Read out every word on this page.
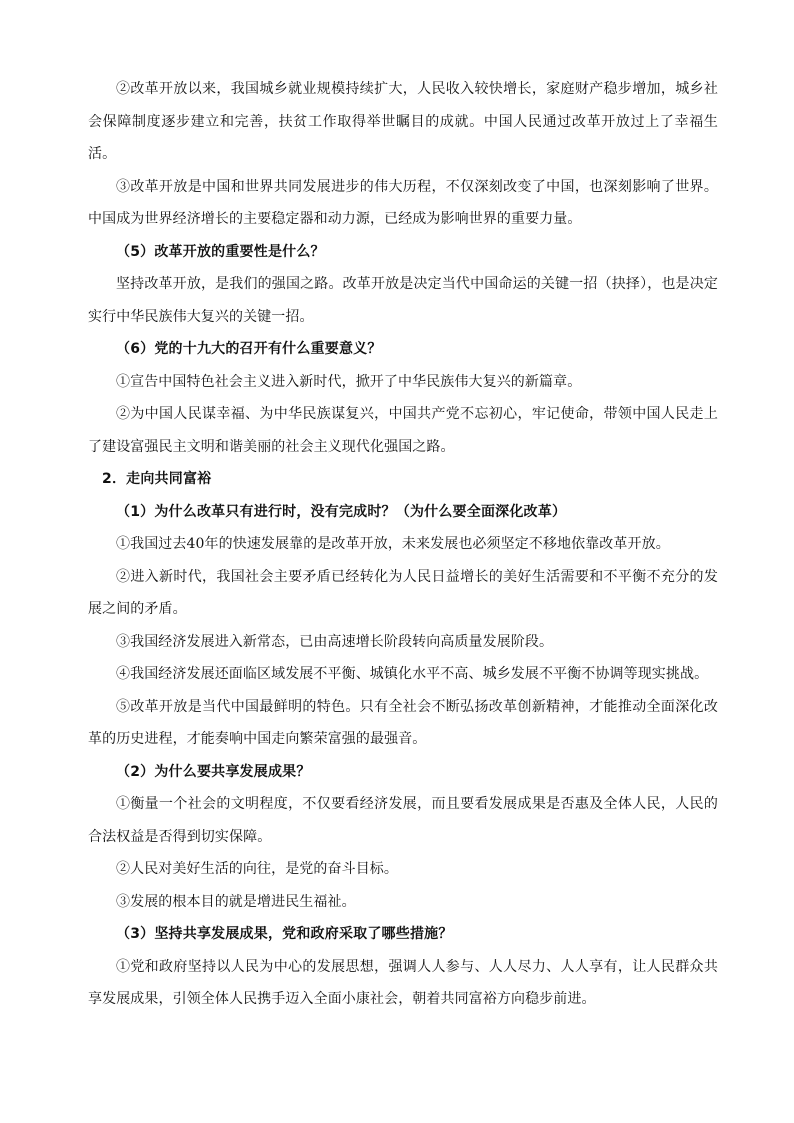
②改革开放以来，我国城乡就业规模持续扩大，人民收入较快增长，家庭财产稳步增加，城乡社会保障制度逐步建立和完善，扶贫工作取得举世瞩目的成就。中国人民通过改革开放过上了幸福生活。

③改革开放是中国和世界共同发展进步的伟大历程，不仅深刻改变了中国，也深刻影响了世界。中国成为世界经济增长的主要稳定器和动力源，已经成为影响世界的重要力量。

（5）改革开放的重要性是什么？

坚持改革开放，是我们的强国之路。改革开放是决定当代中国命运的关键一招（抉择），也是决定实行中华民族伟大复兴的关键一招。

（6）党的十九大的召开有什么重要意义？

①宣告中国特色社会主义进入新时代，掀开了中华民族伟大复兴的新篇章。

②为中国人民谋幸福、为中华民族谋复兴，中国共产党不忘初心，牢记使命，带领中国人民走上了建设富强民主文明和谐美丽的社会主义现代化强国之路。

2．走向共同富裕

（1）为什么改革只有进行时，没有完成时？（为什么要全面深化改革）

①我国过去40年的快速发展靠的是改革开放，未来发展也必须坚定不移地依靠改革开放。

②进入新时代，我国社会主要矛盾已经转化为人民日益增长的美好生活需要和不平衡不充分的发展之间的矛盾。

③我国经济发展进入新常态，已由高速增长阶段转向高质量发展阶段。

④我国经济发展还面临区域发展不平衡、城镇化水平不高、城乡发展不平衡不协调等现实挑战。

⑤改革开放是当代中国最鲜明的特色。只有全社会不断弘扬改革创新精神，才能推动全面深化改革的历史进程，才能奏响中国走向繁荣富强的最强音。

（2）为什么要共享发展成果？

①衡量一个社会的文明程度，不仅要看经济发展，而且要看发展成果是否惠及全体人民，人民的合法权益是否得到切实保障。

②人民对美好生活的向往，是党的奋斗目标。

③发展的根本目的就是增进民生福祉。

（3）坚持共享发展成果，党和政府采取了哪些措施？

①党和政府坚持以人民为中心的发展思想，强调人人参与、人人尽力、人人享有，让人民群众共享发展成果，引领全体人民携手迈入全面小康社会，朝着共同富裕方向稳步前进。
